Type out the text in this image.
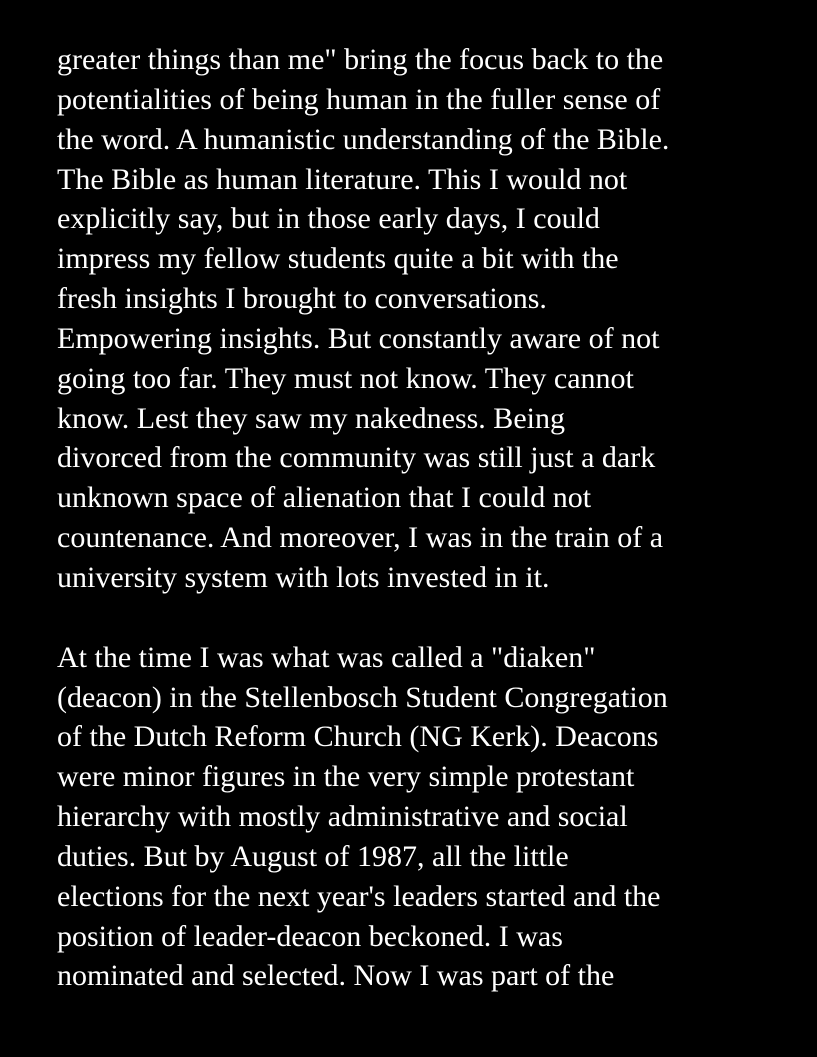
greater things than me" bring the focus back to the
potentialities of being human in the fuller sense of
the word. A humanistic understanding of the Bible.
The Bible as human literature. This I would not
explicitly say, but in those early days, I could
impress my fellow students quite a bit with the
fresh insights I brought to conversations.
Empowering insights. But constantly aware of not
going too far. They must not know. They cannot
know. Lest they saw my nakedness. Being
divorced from the community was still just a dark
unknown space of alienation that I could not
countenance. And moreover, I was in the train of a
university system with lots invested in it.
At the time I was what was called a "diaken"
(deacon) in the Stellenbosch Student Congregation
of the Dutch Reform Church (NG Kerk). Deacons
were minor figures in the very simple protestant
hierarchy with mostly administrative and social
duties. But by August of 1987, all the little
elections for the next year's leaders started and the
position of leader-deacon beckoned. I was
nominated and selected. Now I was part of the
